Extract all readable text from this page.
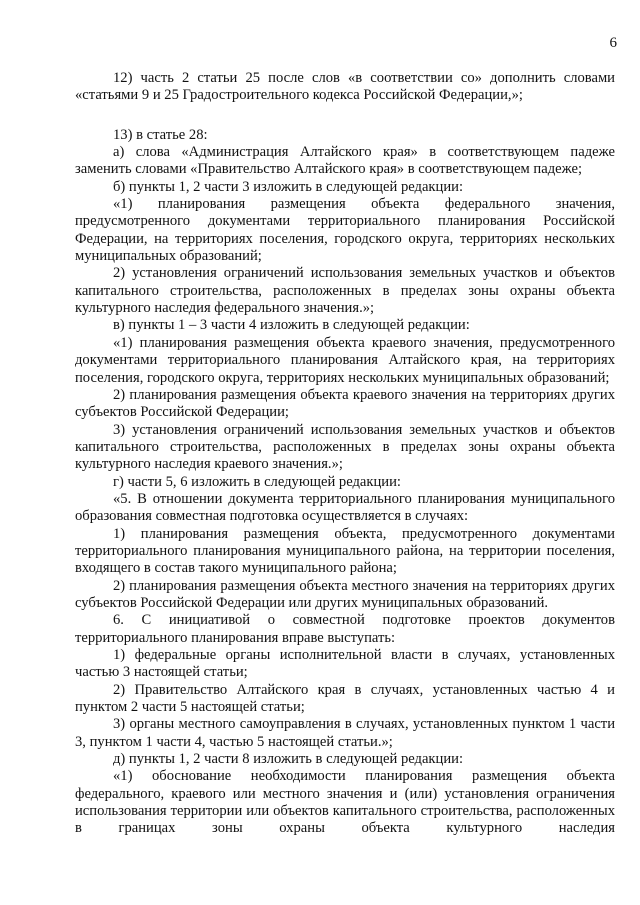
6

12) часть 2 статьи 25 после слов «в соответствии со» дополнить словами «статьями 9 и 25 Градостроительного кодекса Российской Федерации,»;

13) в статье 28:

а) слова «Администрация Алтайского края» в соответствующем падеже заменить словами «Правительство Алтайского края» в соответствующем падеже;

б) пункты 1, 2 части 3 изложить в следующей редакции:

«1) планирования размещения объекта федерального значения, предусмотренного документами территориального планирования Российской Федерации, на территориях поселения, городского округа, территориях нескольких муниципальных образований;

2) установления ограничений использования земельных участков и объектов капитального строительства, расположенных в пределах зоны охраны объекта культурного наследия федерального значения.»;

в) пункты 1 – 3 части 4 изложить в следующей редакции:

«1) планирования размещения объекта краевого значения, предусмотренного документами территориального планирования Алтайского края, на территориях поселения, городского округа, территориях нескольких муниципальных образований;

2) планирования размещения объекта краевого значения на территориях других субъектов Российской Федерации;

3) установления ограничений использования земельных участков и объектов капитального строительства, расположенных в пределах зоны охраны объекта культурного наследия краевого значения.»;

г) части 5, 6 изложить в следующей редакции:

«5. В отношении документа территориального планирования муниципального образования совместная подготовка осуществляется в случаях:

1) планирования размещения объекта, предусмотренного документами территориального планирования муниципального района, на территории поселения, входящего в состав такого муниципального района;

2) планирования размещения объекта местного значения на территориях других субъектов Российской Федерации или других муниципальных образований.

6. С инициативой о совместной подготовке проектов документов территориального планирования вправе выступать:

1) федеральные органы исполнительной власти в случаях, установленных частью 3 настоящей статьи;

2) Правительство Алтайского края в случаях, установленных частью 4 и пунктом 2 части 5 настоящей статьи;

3) органы местного самоуправления в случаях, установленных пунктом 1 части 3, пунктом 1 части 4, частью 5 настоящей статьи.»;

д) пункты 1, 2 части 8 изложить в следующей редакции:

«1) обоснование необходимости планирования размещения объекта федерального, краевого или местного значения и (или) установления ограничения использования территории или объектов капитального строительства, расположенных в границах зоны охраны объекта культурного наследия
